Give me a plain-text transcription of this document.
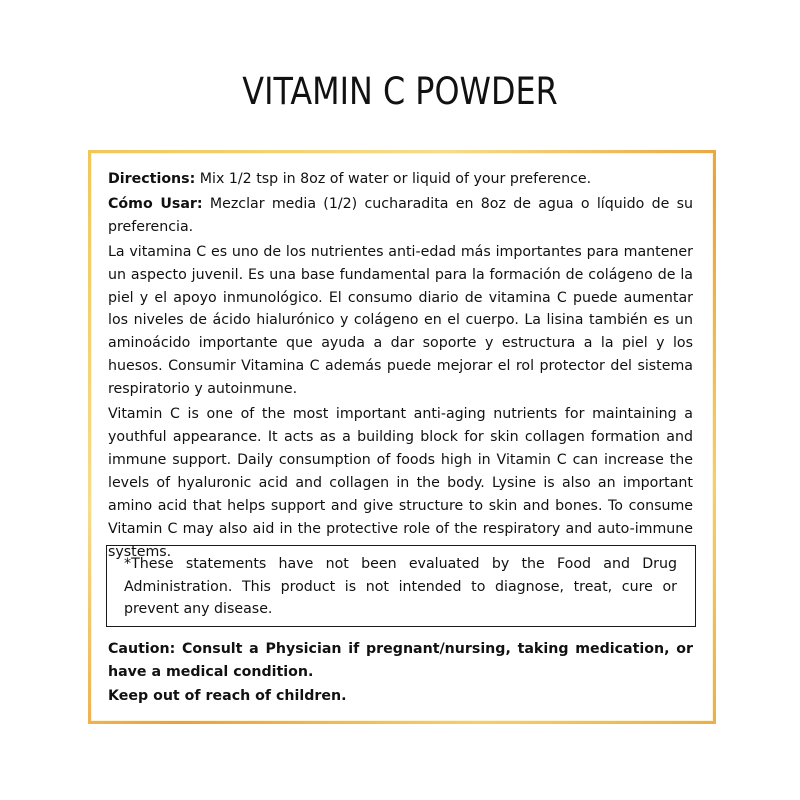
VITAMIN C POWDER

Directions: Mix 1/2 tsp in 8oz of water or liquid of your preference.

Cómo Usar: Mezclar media (1/2) cucharadita en 8oz de agua o líquido de su preferencia.

La vitamina C es uno de los nutrientes anti-edad más importantes para mantener un aspecto juvenil. Es una base fundamental para la formación de colágeno de la piel y el apoyo inmunológico. El consumo diario de vitamina C puede aumentar los niveles de ácido hialurónico y colágeno en el cuerpo. La lisina también es un aminoácido importante que ayuda a dar soporte y estructura a la piel y los huesos. Consumir Vitamina C además puede mejorar el rol protector del sistema respiratorio y autoinmune.

Vitamin C is one of the most important anti-aging nutrients for maintaining a youthful appearance. It acts as a building block for skin collagen formation and immune support. Daily consumption of foods high in Vitamin C can increase the levels of hyaluronic acid and collagen in the body. Lysine is also an important amino acid that helps support and give structure to skin and bones. To consume Vitamin C may also aid in the protective role of the respiratory and auto-immune systems.

*These statements have not been evaluated by the Food and Drug Administration. This product is not intended to diagnose, treat, cure or prevent any disease.

Caution: Consult a Physician if pregnant/nursing, taking medication, or have a medical condition.

Keep out of reach of children.
